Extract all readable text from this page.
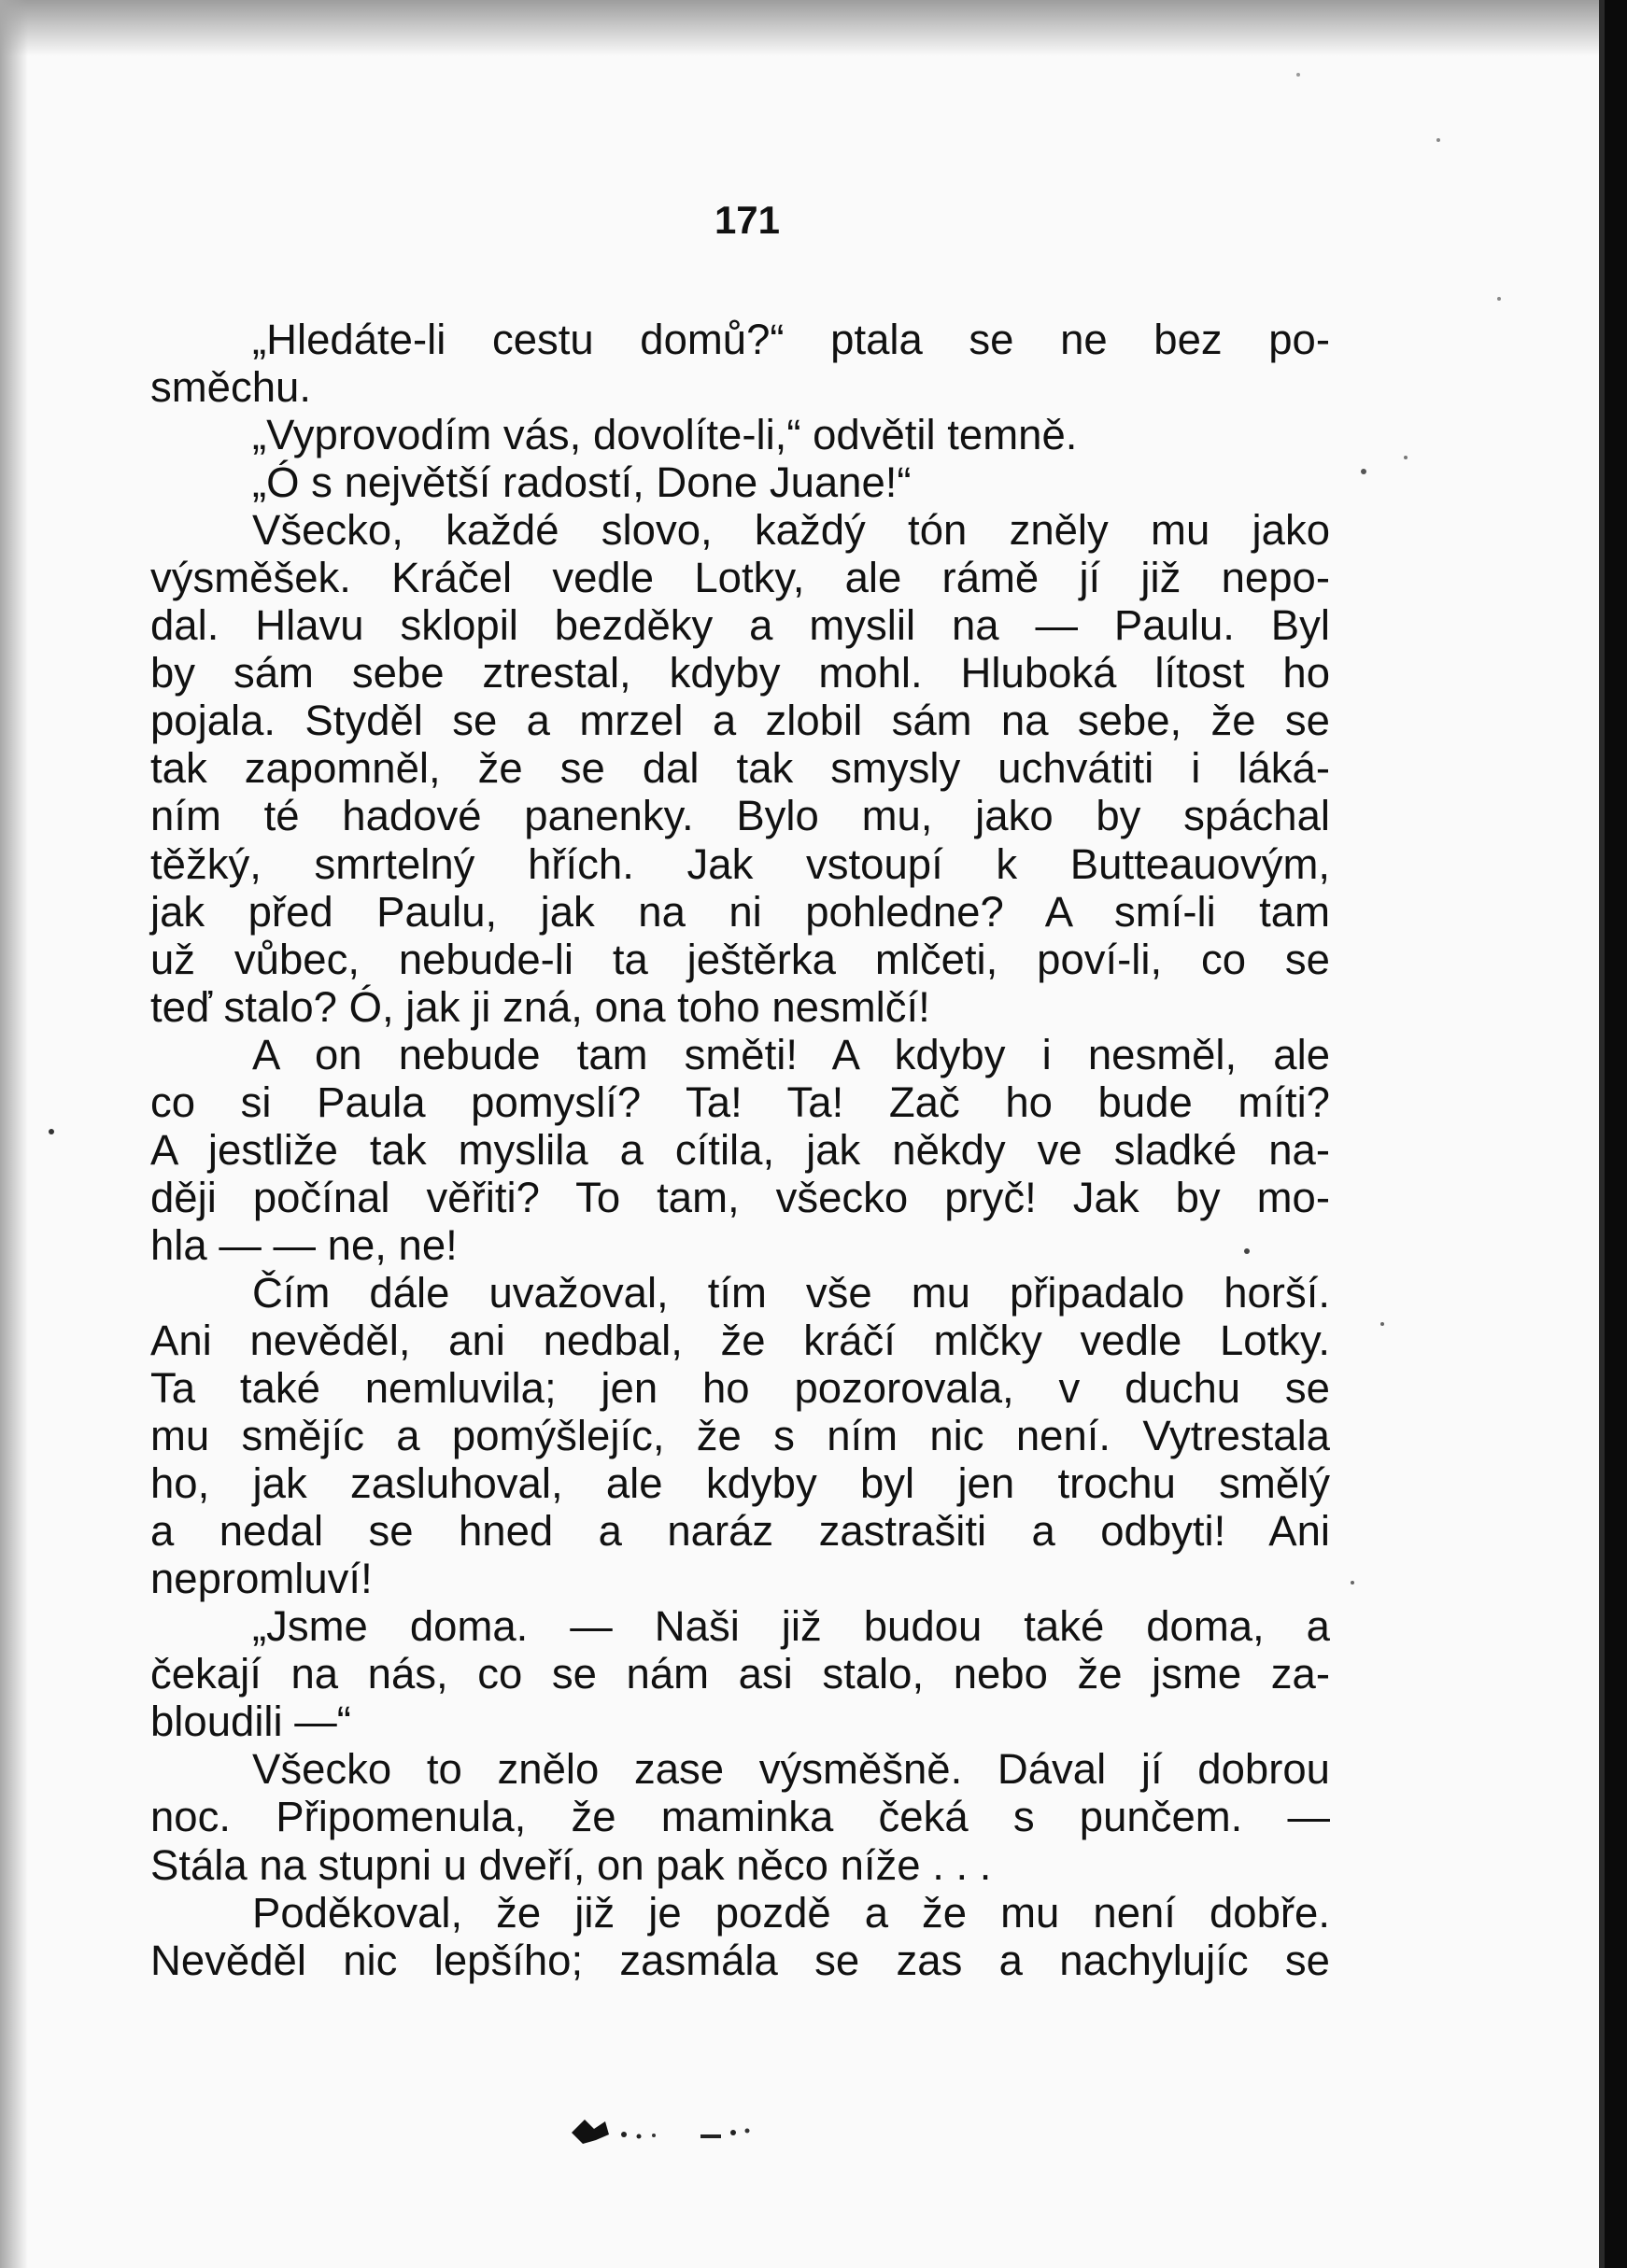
171
„Hledáte-li cestu domů?“ ptala se ne bez po-
směchu.
„Vyprovodím vás, dovolíte-li,“ odvětil temně.
„Ó s největší radostí, Done Juane!“
Všecko, každé slovo, každý tón zněly mu jako
výsměšek. Kráčel vedle Lotky, ale rámě jí již nepo-
dal. Hlavu sklopil bezděky a myslil na — Paulu. Byl
by sám sebe ztrestal, kdyby mohl. Hluboká lítost ho
pojala. Styděl se a mrzel a zlobil sám na sebe, že se
tak zapomněl, že se dal tak smysly uchvátiti i láká-
ním té hadové panenky. Bylo mu, jako by spáchal
těžký, smrtelný hřích. Jak vstoupí k Butteauovým,
jak před Paulu, jak na ni pohledne? A smí-li tam
už vůbec, nebude-li ta ještěrka mlčeti, poví-li, co se
teď stalo? Ó, jak ji zná, ona toho nesmlčí!
A on nebude tam směti! A kdyby i nesměl, ale
co si Paula pomyslí? Ta! Ta! Zač ho bude míti?
A jestliže tak myslila a cítila, jak někdy ve sladké na-
ději počínal věřiti? To tam, všecko pryč! Jak by mo-
hla — — ne, ne!
Čím dále uvažoval, tím vše mu připadalo horší.
Ani nevěděl, ani nedbal, že kráčí mlčky vedle Lotky.
Ta také nemluvila; jen ho pozorovala, v duchu se
mu smějíc a pomýšlejíc, že s ním nic není. Vytrestala
ho, jak zasluhoval, ale kdyby byl jen trochu smělý
a nedal se hned a naráz zastrašiti a odbyti! Ani
nepromluví!
„Jsme doma. — Naši již budou také doma, a
čekají na nás, co se nám asi stalo, nebo že jsme za-
bloudili —“
Všecko to znělo zase výsměšně. Dával jí dobrou
noc. Připomenula, že maminka čeká s punčem. —
Stála na stupni u dveří, on pak něco níže . . .
Poděkoval, že již je pozdě a že mu není dobře.
Nevěděl nic lepšího; zasmála se zas a nachylujíc se
